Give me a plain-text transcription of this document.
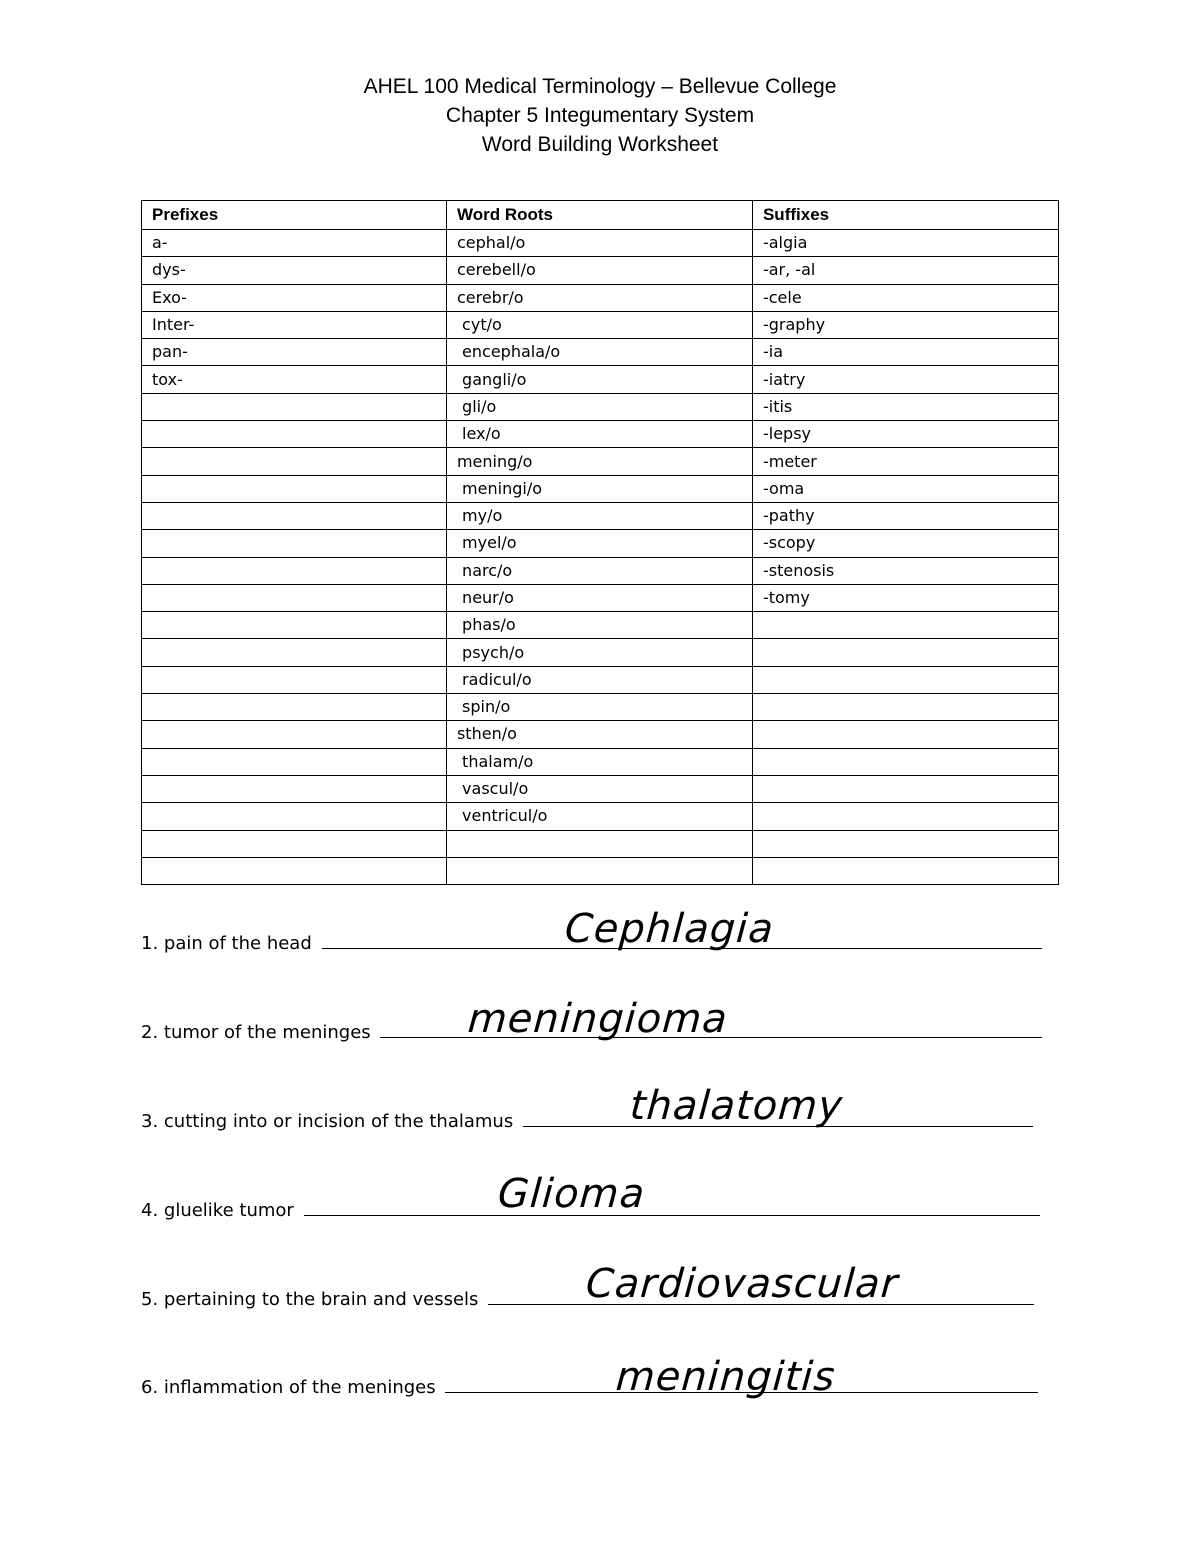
AHEL 100 Medical Terminology – Bellevue College
Chapter 5 Integumentary System
Word Building Worksheet
Prefixes	Word Roots	Suffixes
a-	cephal/o	-algia
dys-	cerebell/o	-ar, -al
Exo-	cerebr/o	-cele
Inter-	cyt/o	-graphy
pan-	encephala/o	-ia
tox-	gangli/o	-iatry
	gli/o	-itis
	lex/o	-lepsy
	mening/o	-meter
	meningi/o	-oma
	my/o	-pathy
	myel/o	-scopy
	narc/o	-stenosis
	neur/o	-tomy
	phas/o	
	psych/o	
	radicul/o	
	spin/o	
	sthen/o	
	thalam/o	
	vascul/o	
	ventricul/o	

1. pain of the head	Cephlagia
2. tumor of the meninges	meningioma
3. cutting into or incision of the thalamus	thalatomy
4. gluelike tumor	Glioma
5. pertaining to the brain and vessels	Cardiovascular
6. inflammation of the meninges	meningitis
